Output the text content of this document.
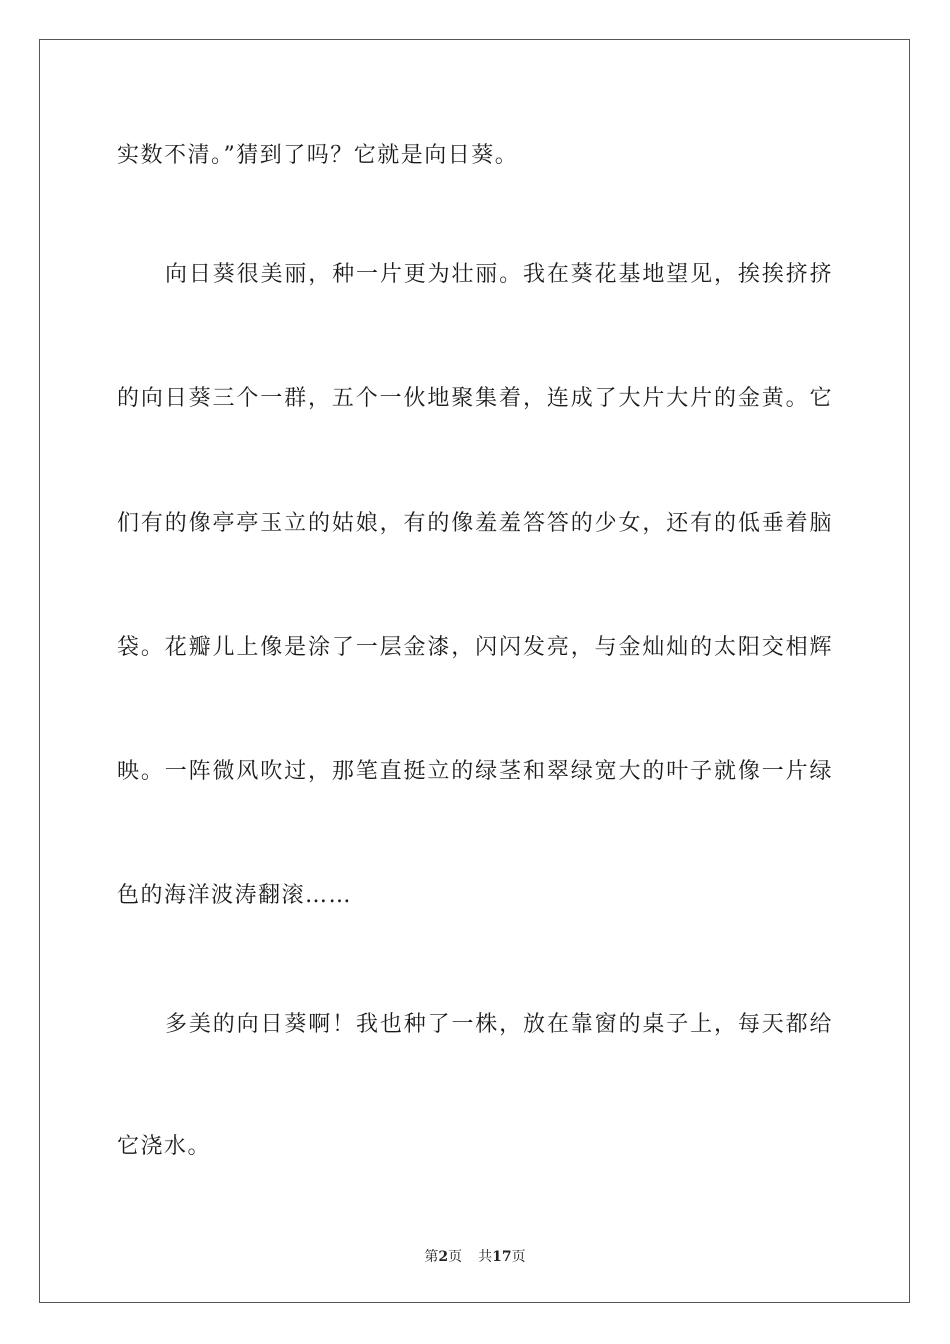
实数不清。”猜到了吗？它就是向日葵。
向日葵很美丽，种一片更为壮丽。我在葵花基地望见，挨挨挤挤
的向日葵三个一群，五个一伙地聚集着，连成了大片大片的金黄。它
们有的像亭亭玉立的姑娘，有的像羞羞答答的少女，还有的低垂着脑
袋。花瓣儿上像是涂了一层金漆，闪闪发亮，与金灿灿的太阳交相辉
映。一阵微风吹过，那笔直挺立的绿茎和翠绿宽大的叶子就像一片绿
色的海洋波涛翻滚……
多美的向日葵啊！我也种了一株，放在靠窗的桌子上，每天都给
它浇水。
第2页 共17页
